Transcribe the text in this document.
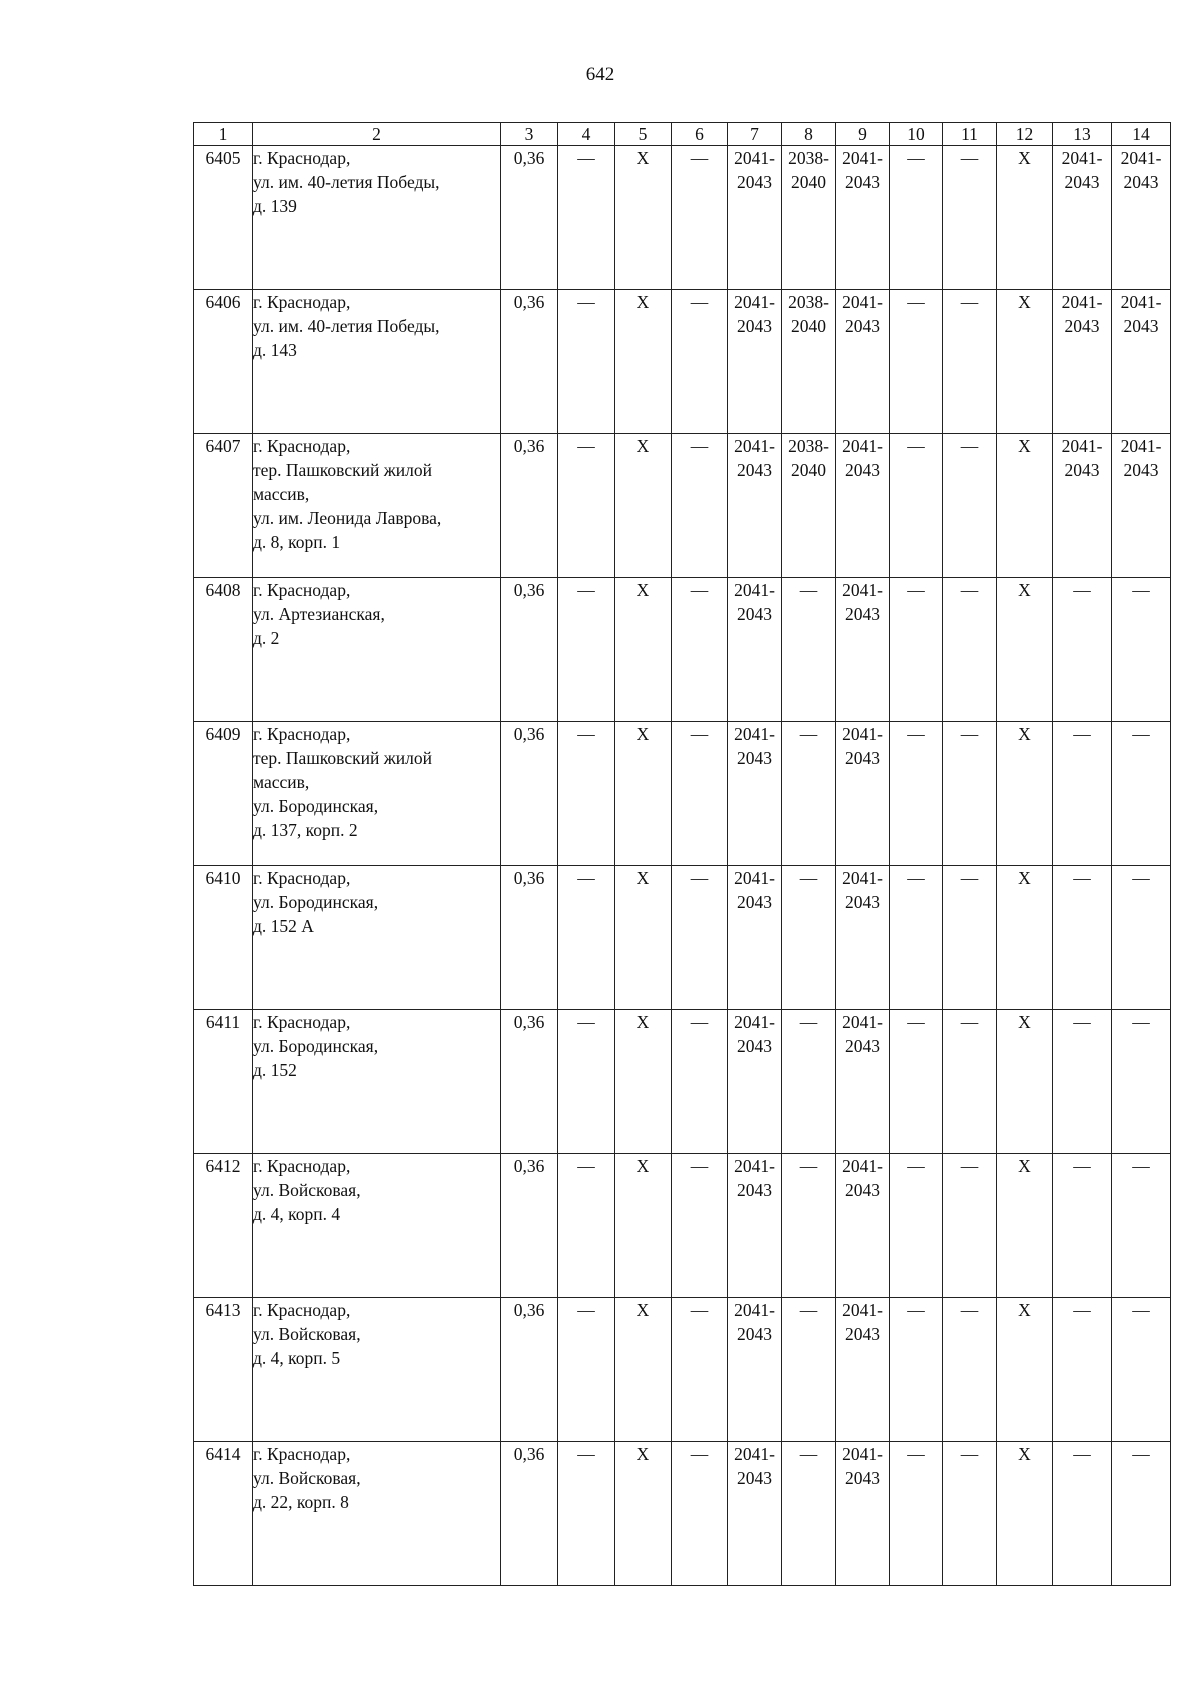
642
1	2	3	4	5	6	7	8	9	10	11	12	13	14
6405	г. Краснодар,
ул. им. 40-летия Победы,
д. 139	0,36	—	Х	—	2041-
2043	2038-
2040	2041-
2043	—	—	Х	2041-
2043	2041-
2043

6406	г. Краснодар,
ул. им. 40-летия Победы,
д. 143	0,36	—	Х	—	2041-
2043	2038-
2040	2041-
2043	—	—	Х	2041-
2043	2041-
2043

6407	г. Краснодар,
тер. Пашковский жилой
массив,
ул. им. Леонида Лаврова,
д. 8, корп. 1	0,36	—	Х	—	2041-
2043	2038-
2040	2041-
2043	—	—	Х	2041-
2043	2041-
2043

6408	г. Краснодар,
ул. Артезианская,
д. 2	0,36	—	Х	—	2041-
2043	—	2041-
2043	—	—	Х	—	—

6409	г. Краснодар,
тер. Пашковский жилой
массив,
ул. Бородинская,
д. 137, корп. 2	0,36	—	Х	—	2041-
2043	—	2041-
2043	—	—	Х	—	—

6410	г. Краснодар,
ул. Бородинская,
д. 152 А	0,36	—	Х	—	2041-
2043	—	2041-
2043	—	—	Х	—	—

6411	г. Краснодар,
ул. Бородинская,
д. 152	0,36	—	Х	—	2041-
2043	—	2041-
2043	—	—	Х	—	—

6412	г. Краснодар,
ул. Войсковая,
д. 4, корп. 4	0,36	—	Х	—	2041-
2043	—	2041-
2043	—	—	Х	—	—

6413	г. Краснодар,
ул. Войсковая,
д. 4, корп. 5	0,36	—	Х	—	2041-
2043	—	2041-
2043	—	—	Х	—	—

6414	г. Краснодар,
ул. Войсковая,
д. 22, корп. 8	0,36	—	Х	—	2041-
2043	—	2041-
2043	—	—	Х	—	—
